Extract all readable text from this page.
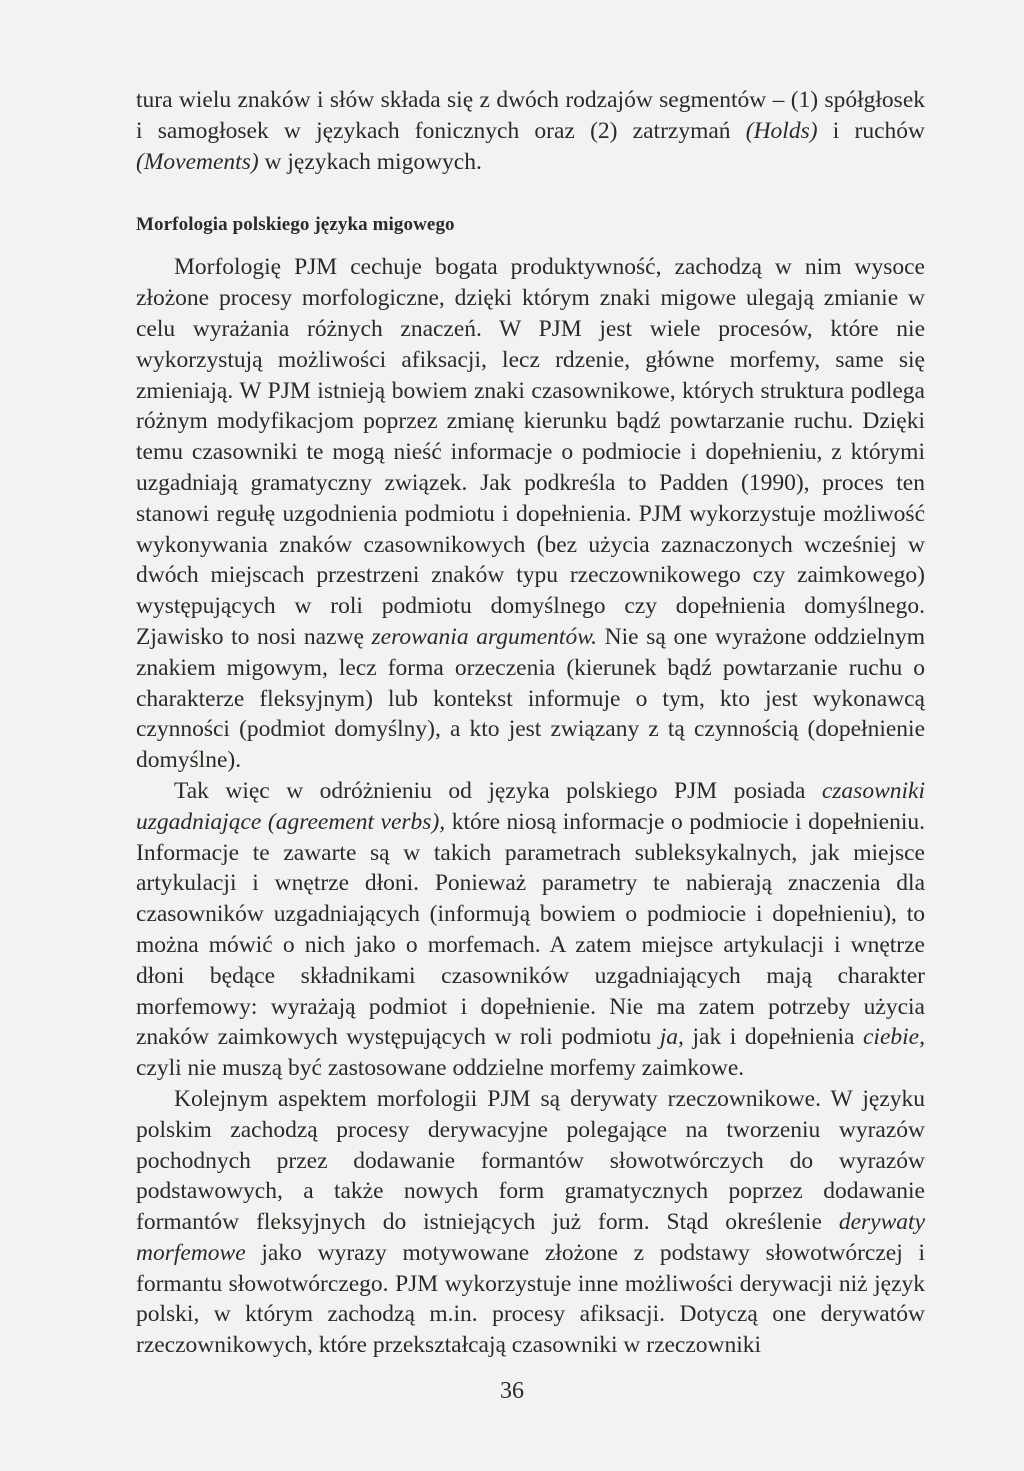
tura wielu znaków i słów składa się z dwóch rodzajów segmentów – (1) spółgłosek i samogłosek w językach fonicznych oraz (2) zatrzymań (Holds) i ruchów (Movements) w językach migowych.

Morfologia polskiego języka migowego

Morfologię PJM cechuje bogata produktywność, zachodzą w nim wysoce złożone procesy morfologiczne, dzięki którym znaki migowe ulegają zmianie w celu wyrażania różnych znaczeń. W PJM jest wiele procesów, które nie wykorzystują możliwości afiksacji, lecz rdzenie, główne morfemy, same się zmieniają. W PJM istnieją bowiem znaki czasownikowe, których struktura podlega różnym modyfikacjom poprzez zmianę kierunku bądź powtarzanie ruchu. Dzięki temu czasowniki te mogą nieść informacje o podmiocie i dopełnieniu, z którymi uzgadniają gramatyczny związek. Jak podkreśla to Padden (1990), proces ten stanowi regułę uzgodnienia podmiotu i dopełnienia. PJM wykorzystuje możliwość wykonywania znaków czasownikowych (bez użycia zaznaczonych wcześniej w dwóch miejscach przestrzeni znaków typu rzeczownikowego czy zaimkowego) występujących w roli podmiotu domyślnego czy dopełnienia domyślnego. Zjawisko to nosi nazwę zerowania argumentów. Nie są one wyrażone oddzielnym znakiem migowym, lecz forma orzeczenia (kierunek bądź powtarzanie ruchu o charakterze fleksyjnym) lub kontekst informuje o tym, kto jest wykonawcą czynności (podmiot domyślny), a kto jest związany z tą czynnością (dopełnienie domyślne).

Tak więc w odróżnieniu od języka polskiego PJM posiada czasowniki uzgadniające (agreement verbs), które niosą informacje o podmiocie i dopełnieniu. Informacje te zawarte są w takich parametrach subleksykalnych, jak miejsce artykulacji i wnętrze dłoni. Ponieważ parametry te nabierają znaczenia dla czasowników uzgadniających (informują bowiem o podmiocie i dopełnieniu), to można mówić o nich jako o morfemach. A zatem miejsce artykulacji i wnętrze dłoni będące składnikami czasowników uzgadniających mają charakter morfemowy: wyrażają podmiot i dopełnienie. Nie ma zatem potrzeby użycia znaków zaimkowych występujących w roli podmiotu ja, jak i dopełnienia ciebie, czyli nie muszą być zastosowane oddzielne morfemy zaimkowe.

Kolejnym aspektem morfologii PJM są derywaty rzeczownikowe. W języku polskim zachodzą procesy derywacyjne polegające na tworzeniu wyrazów pochodnych przez dodawanie formantów słowotwórczych do wyrazów podstawowych, a także nowych form gramatycznych poprzez dodawanie formantów fleksyjnych do istniejących już form. Stąd określenie derywaty morfemowe jako wyrazy motywowane złożone z podstawy słowotwórczej i formantu słowotwórczego. PJM wykorzystuje inne możliwości derywacji niż język polski, w którym zachodzą m.in. procesy afiksacji. Dotyczą one derywatów rzeczownikowych, które przekształcają czasowniki w rzeczowniki

36
